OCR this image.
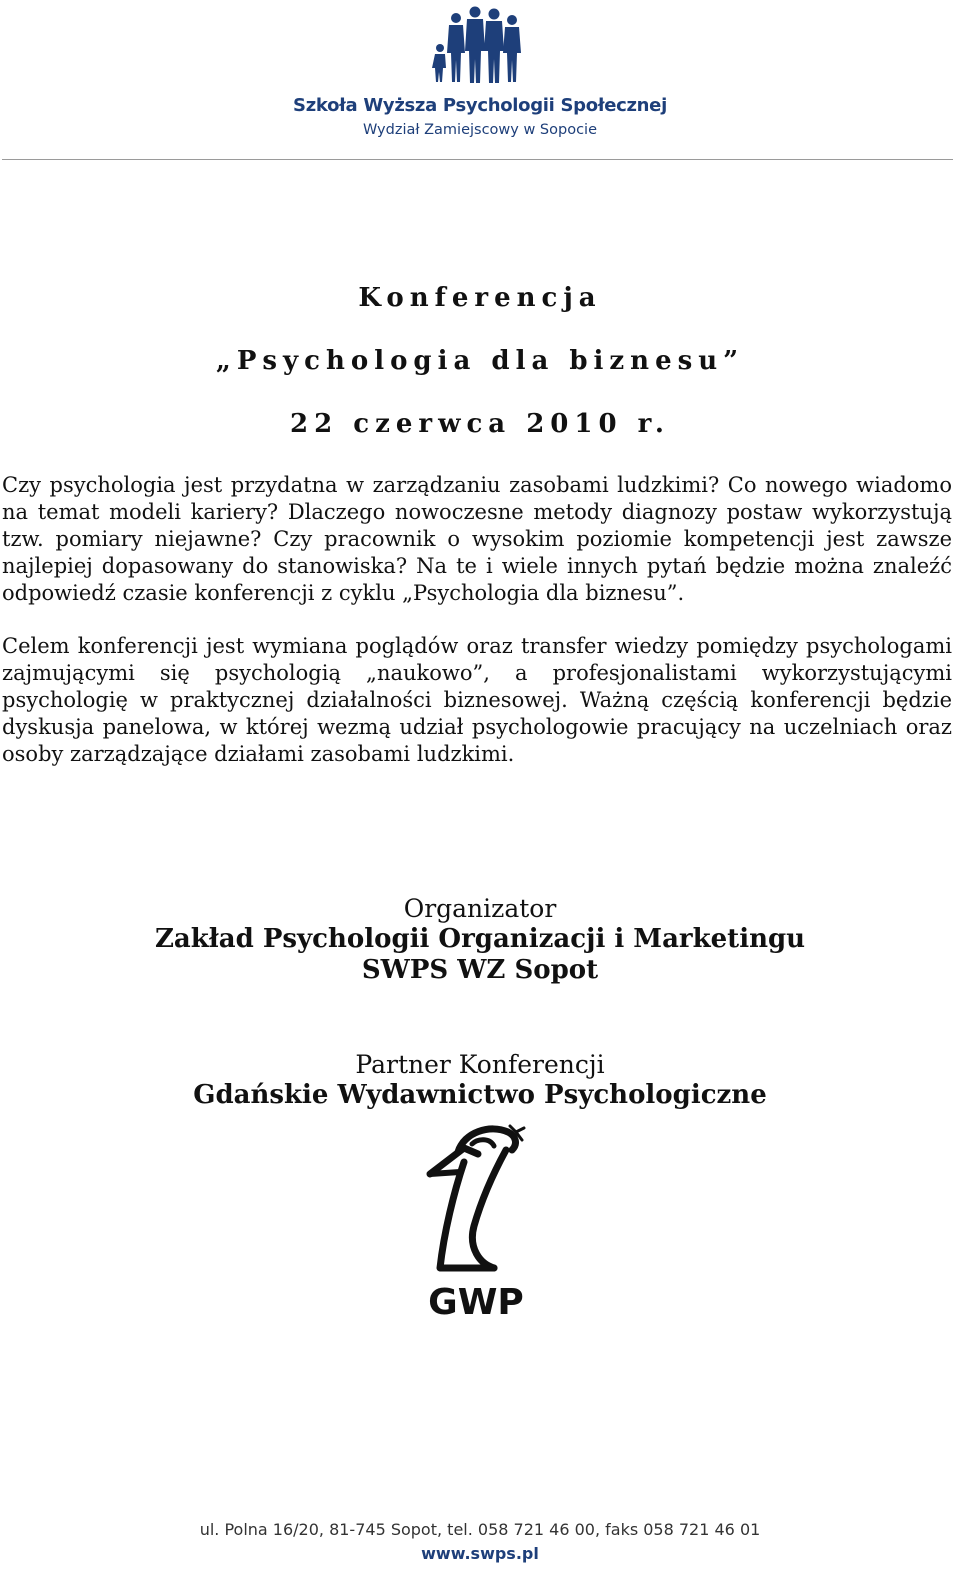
Szkoła Wyższa Psychologii Społecznej
Wydział Zamiejscowy w Sopocie
Konferencja
„Psychologia dla biznesu”
22 czerwca 2010 r.

Czy psychologia jest przydatna w zarządzaniu zasobami ludzkimi? Co nowego wiadomo na temat modeli kariery? Dlaczego nowoczesne metody diagnozy postaw wykorzystują tzw. pomiary niejawne? Czy pracownik o wysokim poziomie kompetencji jest zawsze najlepiej dopasowany do stanowiska? Na te i wiele innych pytań będzie można znaleźć odpowiedź czasie konferencji z cyklu „Psychologia dla biznesu”.

Celem konferencji jest wymiana poglądów oraz transfer wiedzy pomiędzy psychologami zajmującymi się psychologią „naukowo”, a profesjonalistami wykorzystującymi psychologię w praktycznej działalności biznesowej. Ważną częścią konferencji będzie dyskusja panelowa, w której wezmą udział psychologowie pracujący na uczelniach oraz osoby zarządzające działami zasobami ludzkimi.

Organizator
Zakład Psychologii Organizacji i Marketingu
SWPS WZ Sopot
Partner Konferencji
Gdańskie Wydawnictwo Psychologiczne
GWP
ul. Polna 16/20, 81-745 Sopot, tel. 058 721 46 00, faks 058 721 46 01
www.swps.pl
